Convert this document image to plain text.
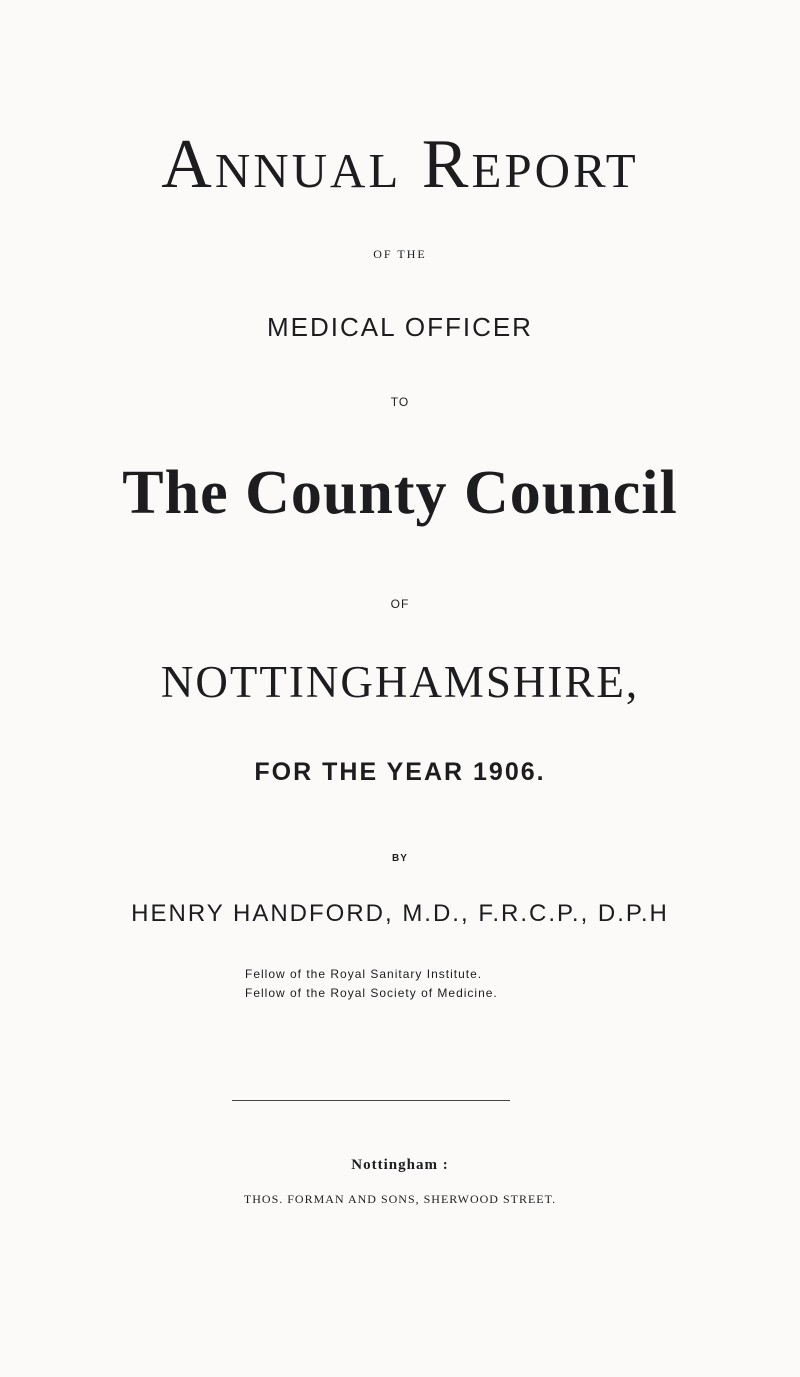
Annual Report
OF THE
MEDICAL OFFICER
TO
The County Council
OF
NOTTINGHAMSHIRE,
FOR THE YEAR 1906.
BY
HENRY HANDFORD, M.D., F.R.C.P., D.P.H
Fellow of the Royal Sanitary Institute.
Fellow of the Royal Society of Medicine.
Nottingham :
THOS. FORMAN AND SONS, SHERWOOD STREET.
